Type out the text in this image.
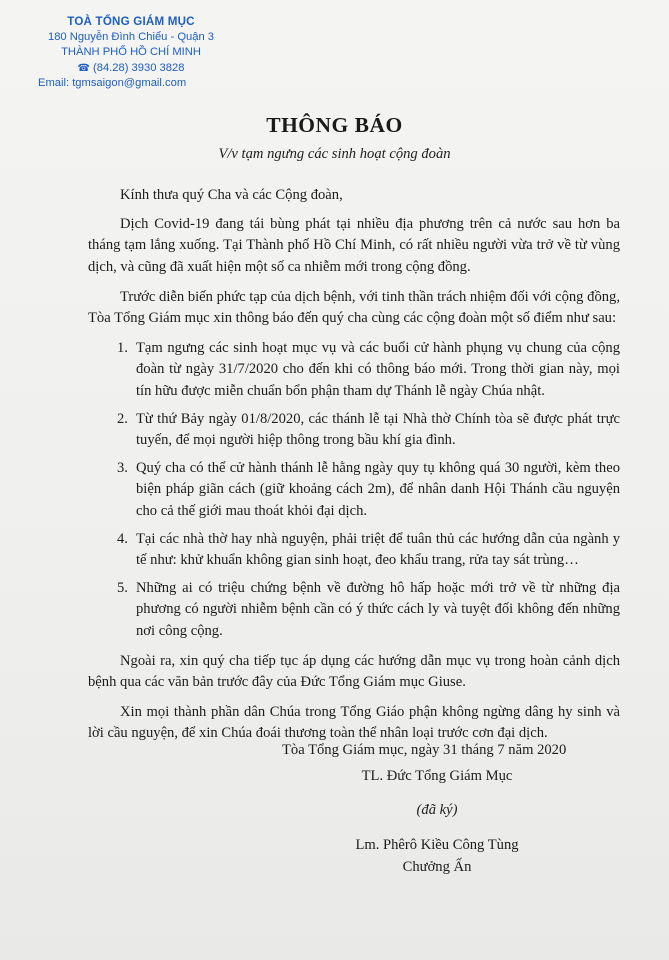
TOÀ TỔNG GIÁM MỤC
180 Nguyễn Đình Chiểu - Quận 3
THÀNH PHỐ HỒ CHÍ MINH
☎ (84.28) 3930 3828
Email: tgmsaigon@gmail.com
THÔNG BÁO
V/v tạm ngưng các sinh hoạt cộng đoàn

Kính thưa quý Cha và các Cộng đoàn,

Dịch Covid-19 đang tái bùng phát tại nhiều địa phương trên cả nước sau hơn ba tháng tạm lắng xuống. Tại Thành phố Hồ Chí Minh, có rất nhiều người vừa trở về từ vùng dịch, và cũng đã xuất hiện một số ca nhiễm mới trong cộng đồng.

Trước diễn biến phức tạp của dịch bệnh, với tinh thần trách nhiệm đối với cộng đồng, Tòa Tổng Giám mục xin thông báo đến quý cha cùng các cộng đoàn một số điểm như sau:

1. Tạm ngưng các sinh hoạt mục vụ và các buổi cử hành phụng vụ chung của cộng đoàn từ ngày 31/7/2020 cho đến khi có thông báo mới. Trong thời gian này, mọi tín hữu được miễn chuẩn bổn phận tham dự Thánh lễ ngày Chúa nhật.
2. Từ thứ Bảy ngày 01/8/2020, các thánh lễ tại Nhà thờ Chính tòa sẽ được phát trực tuyến, để mọi người hiệp thông trong bầu khí gia đình.
3. Quý cha có thể cử hành thánh lễ hằng ngày quy tụ không quá 30 người, kèm theo biện pháp giãn cách (giữ khoảng cách 2m), để nhân danh Hội Thánh cầu nguyện cho cả thế giới mau thoát khỏi đại dịch.
4. Tại các nhà thờ hay nhà nguyện, phải triệt để tuân thủ các hướng dẫn của ngành y tế như: khử khuẩn không gian sinh hoạt, đeo khẩu trang, rửa tay sát trùng…
5. Những ai có triệu chứng bệnh về đường hô hấp hoặc mới trở về từ những địa phương có người nhiễm bệnh cần có ý thức cách ly và tuyệt đối không đến những nơi công cộng.

Ngoài ra, xin quý cha tiếp tục áp dụng các hướng dẫn mục vụ trong hoàn cảnh dịch bệnh qua các văn bản trước đây của Đức Tổng Giám mục Giuse.

Xin mọi thành phần dân Chúa trong Tổng Giáo phận không ngừng dâng hy sinh và lời cầu nguyện, để xin Chúa đoái thương toàn thể nhân loại trước cơn đại dịch.

Tòa Tổng Giám mục, ngày 31 tháng 7 năm 2020
TL. Đức Tổng Giám Mục
(đã ký)
Lm. Phêrô Kiều Công Tùng
Chưởng Ấn
